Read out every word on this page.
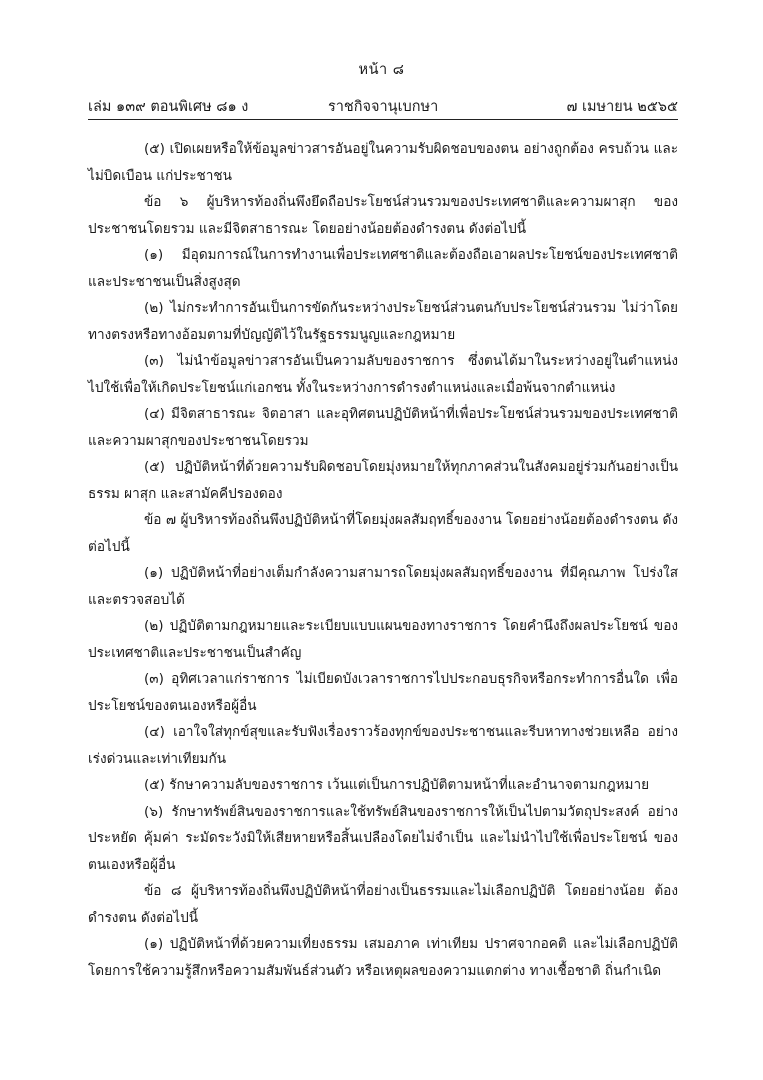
หน้า ๘
เล่ม ๑๓๙ ตอนพิเศษ ๘๑ ง	ราชกิจจานุเบกษา	๗ เมษายน ๒๕๖๕

(๕) เปิดเผยหรือให้ข้อมูลข่าวสารอันอยู่ในความรับผิดชอบของตน อย่างถูกต้อง ครบถ้วน และไม่บิดเบือน แก่ประชาชน

ข้อ ๖ ผู้บริหารท้องถิ่นพึงยึดถือประโยชน์ส่วนรวมของประเทศชาติและความผาสุก ของประชาชนโดยรวม และมีจิตสาธารณะ โดยอย่างน้อยต้องดำรงตน ดังต่อไปนี้

(๑) มีอุดมการณ์ในการทำงานเพื่อประเทศชาติและต้องถือเอาผลประโยชน์ของประเทศชาติ และประชาชนเป็นสิ่งสูงสุด

(๒) ไม่กระทำการอันเป็นการขัดกันระหว่างประโยชน์ส่วนตนกับประโยชน์ส่วนรวม ไม่ว่าโดยทางตรงหรือทางอ้อมตามที่บัญญัติไว้ในรัฐธรรมนูญและกฎหมาย

(๓) ไม่นำข้อมูลข่าวสารอันเป็นความลับของราชการ ซึ่งตนได้มาในระหว่างอยู่ในตำแหน่ง ไปใช้เพื่อให้เกิดประโยชน์แก่เอกชน ทั้งในระหว่างการดำรงตำแหน่งและเมื่อพ้นจากตำแหน่ง

(๔) มีจิตสาธารณะ จิตอาสา และอุทิศตนปฏิบัติหน้าที่เพื่อประโยชน์ส่วนรวมของประเทศชาติ และความผาสุกของประชาชนโดยรวม

(๕) ปฏิบัติหน้าที่ด้วยความรับผิดชอบโดยมุ่งหมายให้ทุกภาคส่วนในสังคมอยู่ร่วมกันอย่างเป็นธรรม ผาสุก และสามัคคีปรองดอง

ข้อ ๗ ผู้บริหารท้องถิ่นพึงปฏิบัติหน้าที่โดยมุ่งผลสัมฤทธิ์ของงาน โดยอย่างน้อยต้องดำรงตน ดังต่อไปนี้

(๑) ปฏิบัติหน้าที่อย่างเต็มกำลังความสามารถโดยมุ่งผลสัมฤทธิ์ของงาน ที่มีคุณภาพ โปร่งใส และตรวจสอบได้

(๒) ปฏิบัติตามกฎหมายและระเบียบแบบแผนของทางราชการ โดยคำนึงถึงผลประโยชน์ ของประเทศชาติและประชาชนเป็นสำคัญ

(๓) อุทิศเวลาแก่ราชการ ไม่เบียดบังเวลาราชการไปประกอบธุรกิจหรือกระทำการอื่นใด เพื่อประโยชน์ของตนเองหรือผู้อื่น

(๔) เอาใจใส่ทุกข์สุขและรับฟังเรื่องราวร้องทุกข์ของประชาชนและรีบหาทางช่วยเหลือ อย่างเร่งด่วนและเท่าเทียมกัน

(๕) รักษาความลับของราชการ เว้นแต่เป็นการปฏิบัติตามหน้าที่และอำนาจตามกฎหมาย

(๖) รักษาทรัพย์สินของราชการและใช้ทรัพย์สินของราชการให้เป็นไปตามวัตถุประสงค์ อย่างประหยัด คุ้มค่า ระมัดระวังมิให้เสียหายหรือสิ้นเปลืองโดยไม่จำเป็น และไม่นำไปใช้เพื่อประโยชน์ ของตนเองหรือผู้อื่น

ข้อ ๘ ผู้บริหารท้องถิ่นพึงปฏิบัติหน้าที่อย่างเป็นธรรมและไม่เลือกปฏิบัติ โดยอย่างน้อย ต้องดำรงตน ดังต่อไปนี้

(๑) ปฏิบัติหน้าที่ด้วยความเที่ยงธรรม เสมอภาค เท่าเทียม ปราศจากอคติ และไม่เลือกปฏิบัติ โดยการใช้ความรู้สึกหรือความสัมพันธ์ส่วนตัว หรือเหตุผลของความแตกต่าง ทางเชื้อชาติ ถิ่นกำเนิด
